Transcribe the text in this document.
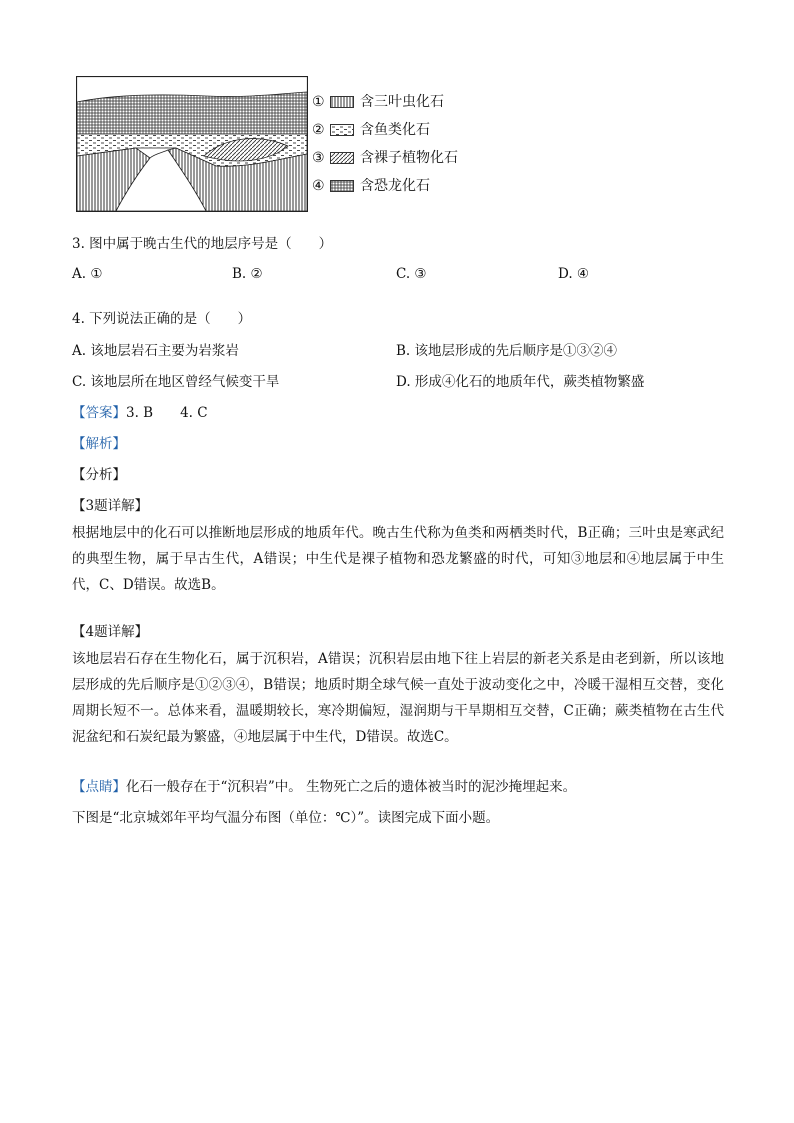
①	含三叶虫化石
②	含鱼类化石
③	含裸子植物化石
④	含恐龙化石
3. 图中属于晚古生代的地层序号是（　　）
A. ①	B. ②	C. ③	D. ④
4. 下列说法正确的是（　　）
A. 该地层岩石主要为岩浆岩	B. 该地层形成的先后顺序是①③②④
C. 该地层所在地区曾经气候变干旱	D. 形成④化石的地质年代，蕨类植物繁盛
【答案】3. B　　4. C
【解析】
【分析】
【3题详解】

根据地层中的化石可以推断地层形成的地质年代。晚古生代称为鱼类和两栖类时代，B正确；三叶虫是寒武纪的典型生物，属于早古生代，A错误；中生代是裸子植物和恐龙繁盛的时代，可知③地层和④地层属于中生代，C、D错误。故选B。

【4题详解】

该地层岩石存在生物化石，属于沉积岩，A错误；沉积岩层由地下往上岩层的新老关系是由老到新，所以该地层形成的先后顺序是①②③④，B错误；地质时期全球气候一直处于波动变化之中，冷暖干湿相互交替，变化周期长短不一。总体来看，温暖期较长，寒冷期偏短，湿润期与干旱期相互交替，C正确；蕨类植物在古生代泥盆纪和石炭纪最为繁盛，④地层属于中生代，D错误。故选C。

【点睛】化石一般存在于“沉积岩”中。 生物死亡之后的遗体被当时的泥沙掩埋起来。
下图是“北京城郊年平均气温分布图（单位：℃）”。读图完成下面小题。
